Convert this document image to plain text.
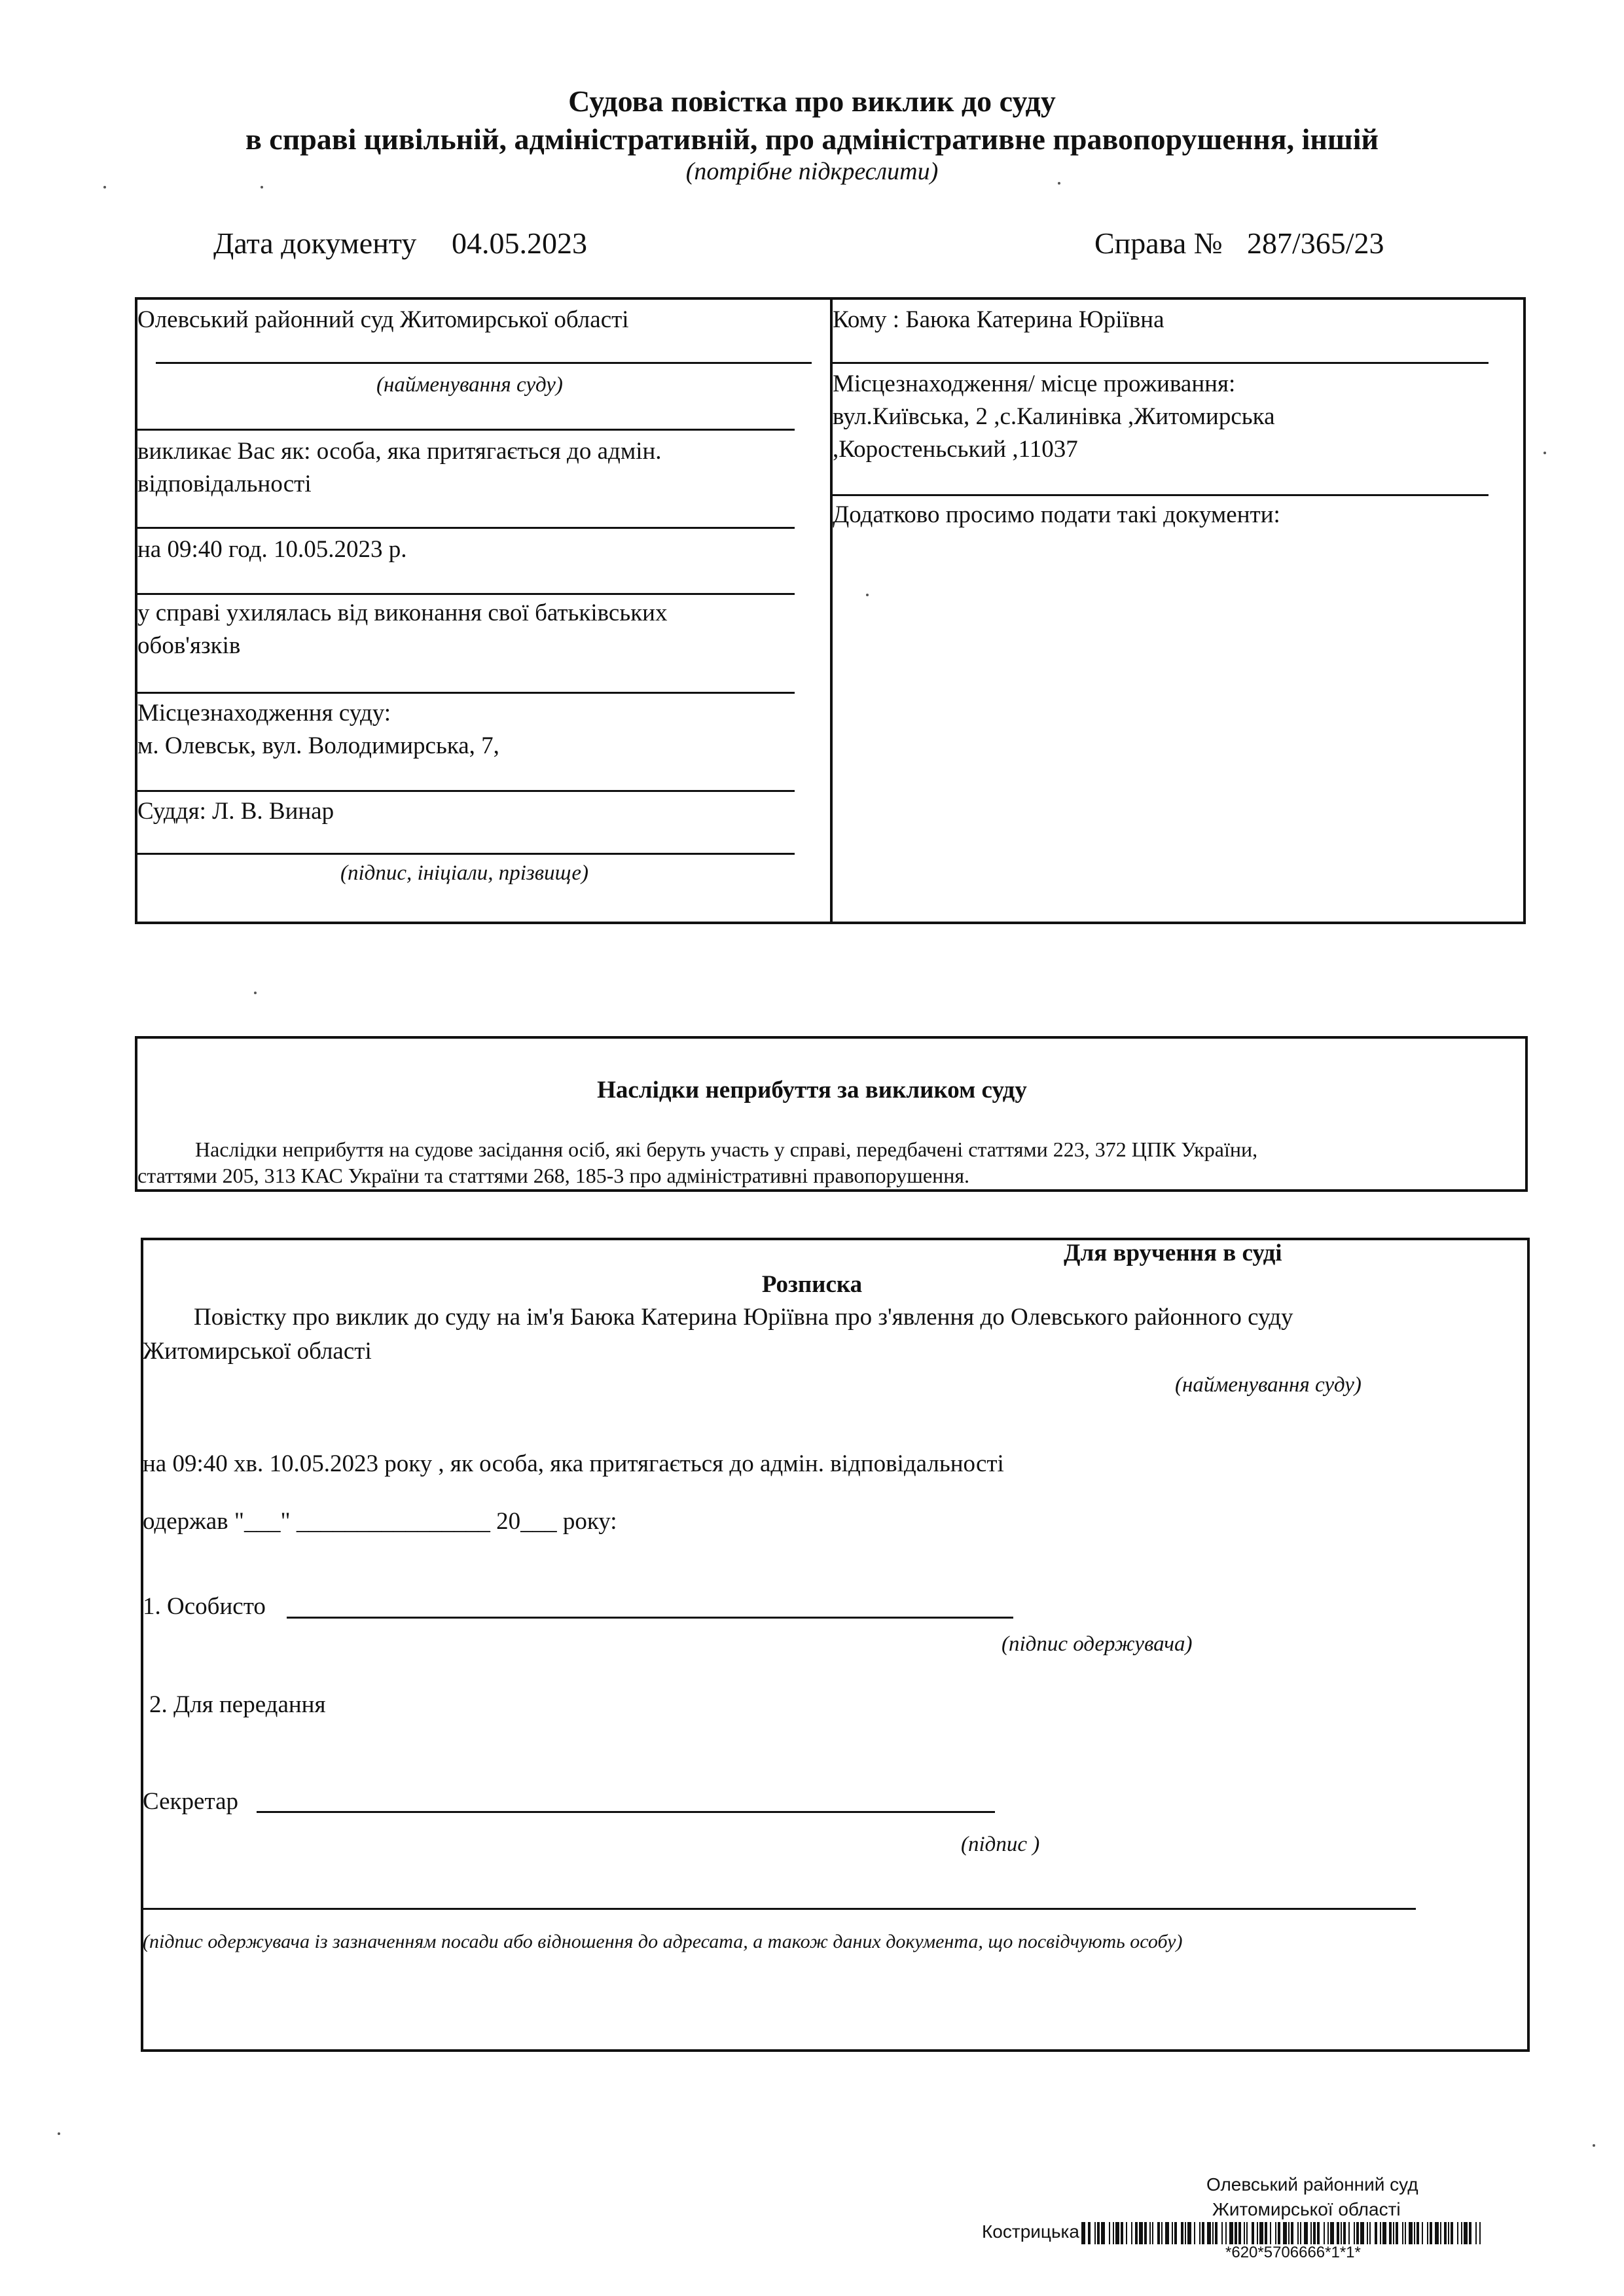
Судова повістка про виклик до суду
в справі цивільній, адміністративній, про адміністративне правопорушення, іншій
(потрібне підкреслити)
Дата документу 04.05.2023	Справа № 287/365/23
Олевський районний суд Житомирської області
(найменування суду)
викликає Вас як: особа, яка притягається до адмін.
відповідальності
на 09:40 год. 10.05.2023 р.
у справі ухилялась від виконання свої батьківських
обов'язків
Місцезнаходження суду:
м. Олевськ, вул. Володимирська, 7,
Суддя: Л. В. Винар
(підпис, ініціали, прізвище)
Кому : Баюка Катерина Юріївна
Місцезнаходження/ місце проживання:
вул.Київська, 2 ,с.Калинівка ,Житомирська
,Коростеньський ,11037
Додатково просимо подати такі документи:
Наслідки неприбуття за викликом суду
Наслідки неприбуття на судове засідання осіб, які беруть участь у справі, передбачені статтями 223, 372 ЦПК України,
статтями 205, 313 КАС України та статтями 268, 185-3 про адміністративні правопорушення.
Для вручення в суді
Розписка
Повістку про виклик до суду на ім'я Баюка Катерина Юріївна про з'явлення до Олевського районного суду
Житомирської області
(найменування суду)
на 09:40 хв. 10.05.2023 року , як особа, яка притягається до адмін. відповідальності
одержав "___" ________________ 20___ року:
1. Особисто
(підпис одержувача)
2. Для передання
Секретар
(підпис )
(підпис одержувача із зазначенням посади або відношення до адресата, а також даних документа, що посвідчують особу)
Олевський районний суд
Житомирської області
Кострицька
*620*5706666*1*1*
